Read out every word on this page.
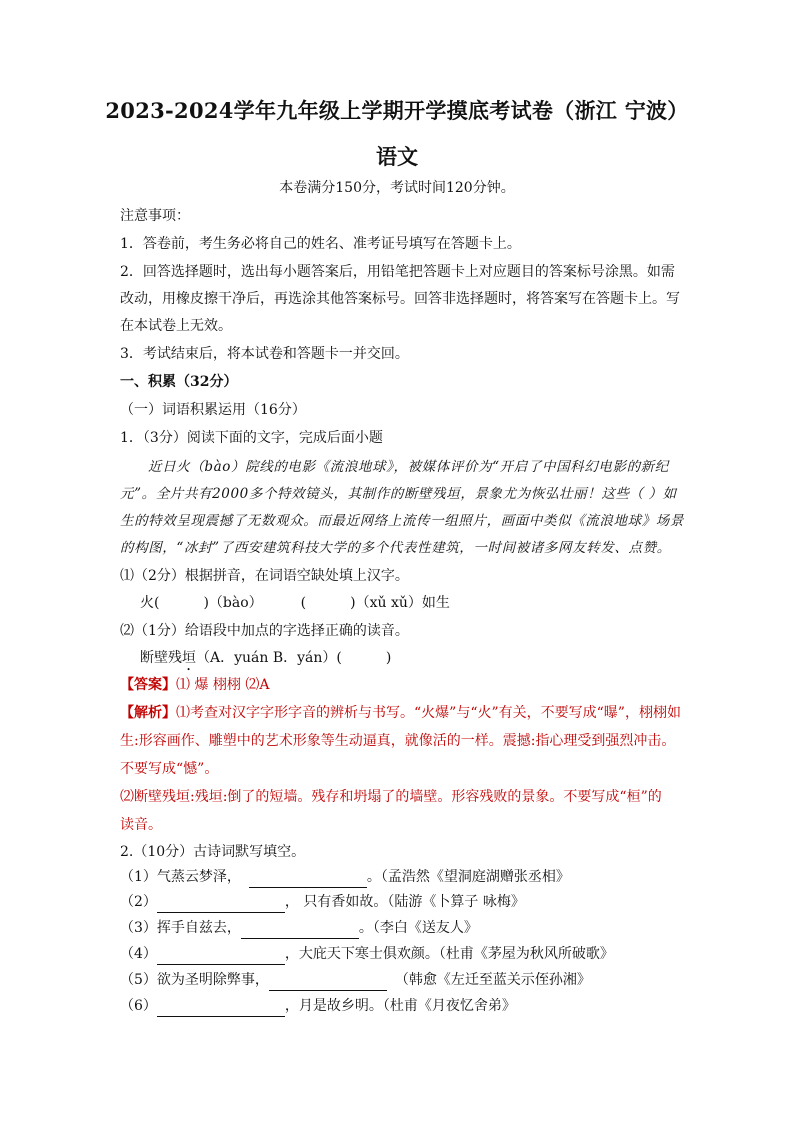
2023-2024学年九年级上学期开学摸底考试卷（浙江 宁波）
语文
本卷满分150分，考试时间120分钟。
注意事项：
1．答卷前，考生务必将自己的姓名、准考证号填写在答题卡上。
2．回答选择题时，选出每小题答案后，用铅笔把答题卡上对应题目的答案标号涂黑。如需
改动，用橡皮擦干净后，再选涂其他答案标号。回答非选择题时，将答案写在答题卡上。写
在本试卷上无效。
3．考试结束后，将本试卷和答题卡一并交回。
一、积累（32分）
（一）词语积累运用（16分）
1．（3分）阅读下面的文字，完成后面小题
近日火（bào）院线的电影《流浪地球》，被媒体评价为“开启了中国科幻电影的新纪
元”。全片共有2000多个特效镜头，其制作的断壁残垣，景象尤为恢弘壮丽！这些（ ）如
生的特效呈现震撼了无数观众。而最近网络上流传一组照片，画面中类似《流浪地球》场景
的构图，“冰封”了西安建筑科技大学的多个代表性建筑，一时间被诸多网友转发、点赞。
⑴（2分）根据拼音，在词语空缺处填上汉字。
火(	)（bào）	(	)（xǔ xǔ）如生
⑵（1分）给语段中加点的字选择正确的读音。
断壁残垣（A．yuán B．yán）(	)
【答案】⑴ 爆 栩栩 ⑵A
【解析】⑴考查对汉字字形字音的辨析与书写。“火爆”与“火”有关，不要写成“曝”，栩栩如
生:形容画作、雕塑中的艺术形象等生动逼真，就像活的一样。震撼:指心理受到强烈冲击。
不要写成“憾”。
⑵断壁残垣:残垣:倒了的短墙。残存和坍塌了的墙壁。形容残败的景象。不要写成“桓”的
读音。
2.（10分）古诗词默写填空。
（1）气蒸云梦泽，	。（孟浩然《望洞庭湖赠张丞相》
（2）	， 只有香如故。（陆游《卜算子 咏梅》
（3）挥手自兹去，	。（李白《送友人》
（4）	，大庇天下寒士俱欢颜。（杜甫《茅屋为秋风所破歌》
（5）欲为圣明除弊事，	（韩愈《左迁至蓝关示侄孙湘》
（6）	，月是故乡明。（杜甫《月夜忆舍弟》
